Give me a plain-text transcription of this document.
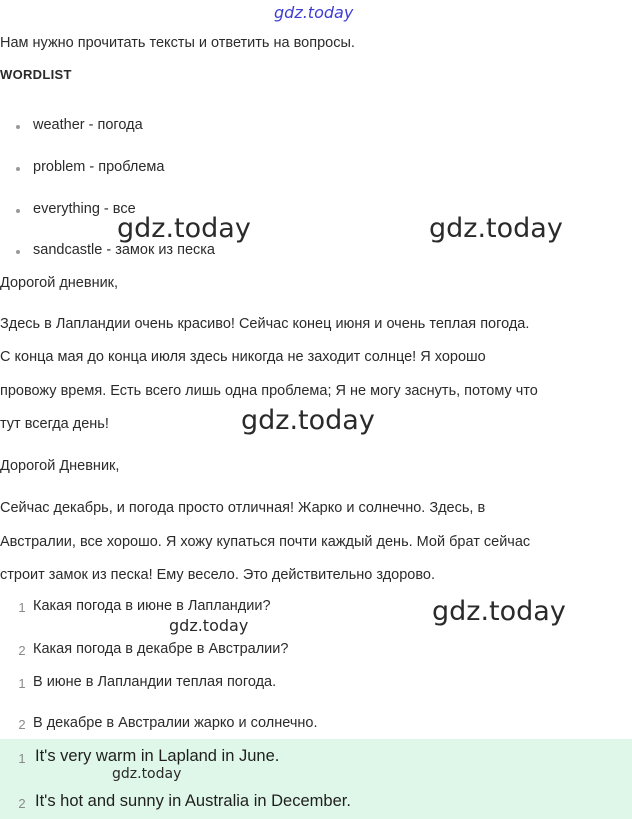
gdz.today
gdz.today	gdz.today
gdz.today
gdz.today
gdz.today
gdz.today
Нам нужно прочитать тексты и ответить на вопросы.
WORDLIST
weather - погода
problem - проблема
everything - все
sandcastle - замок из песка
Дорогой дневник,
Здесь в Лапландии очень красиво! Сейчас конец июня и очень теплая погода.
С конца мая до конца июля здесь никогда не заходит солнце! Я хорошо
провожу время. Есть всего лишь одна проблема; Я не могу заснуть, потому что
тут всегда день!
Дорогой Дневник,
Сейчас декабрь, и погода просто отличная! Жарко и солнечно. Здесь, в
Австралии, все хорошо. Я хожу купаться почти каждый день. Мой брат сейчас
строит замок из песка! Ему весело. Это действительно здорово.
1 Какая погода в июне в Лапландии?
2 Какая погода в декабре в Австралии?
1 В июне в Лапландии теплая погода.
2 В декабре в Австралии жарко и солнечно.
1 It's very warm in Lapland in June.
2 It's hot and sunny in Australia in December.
